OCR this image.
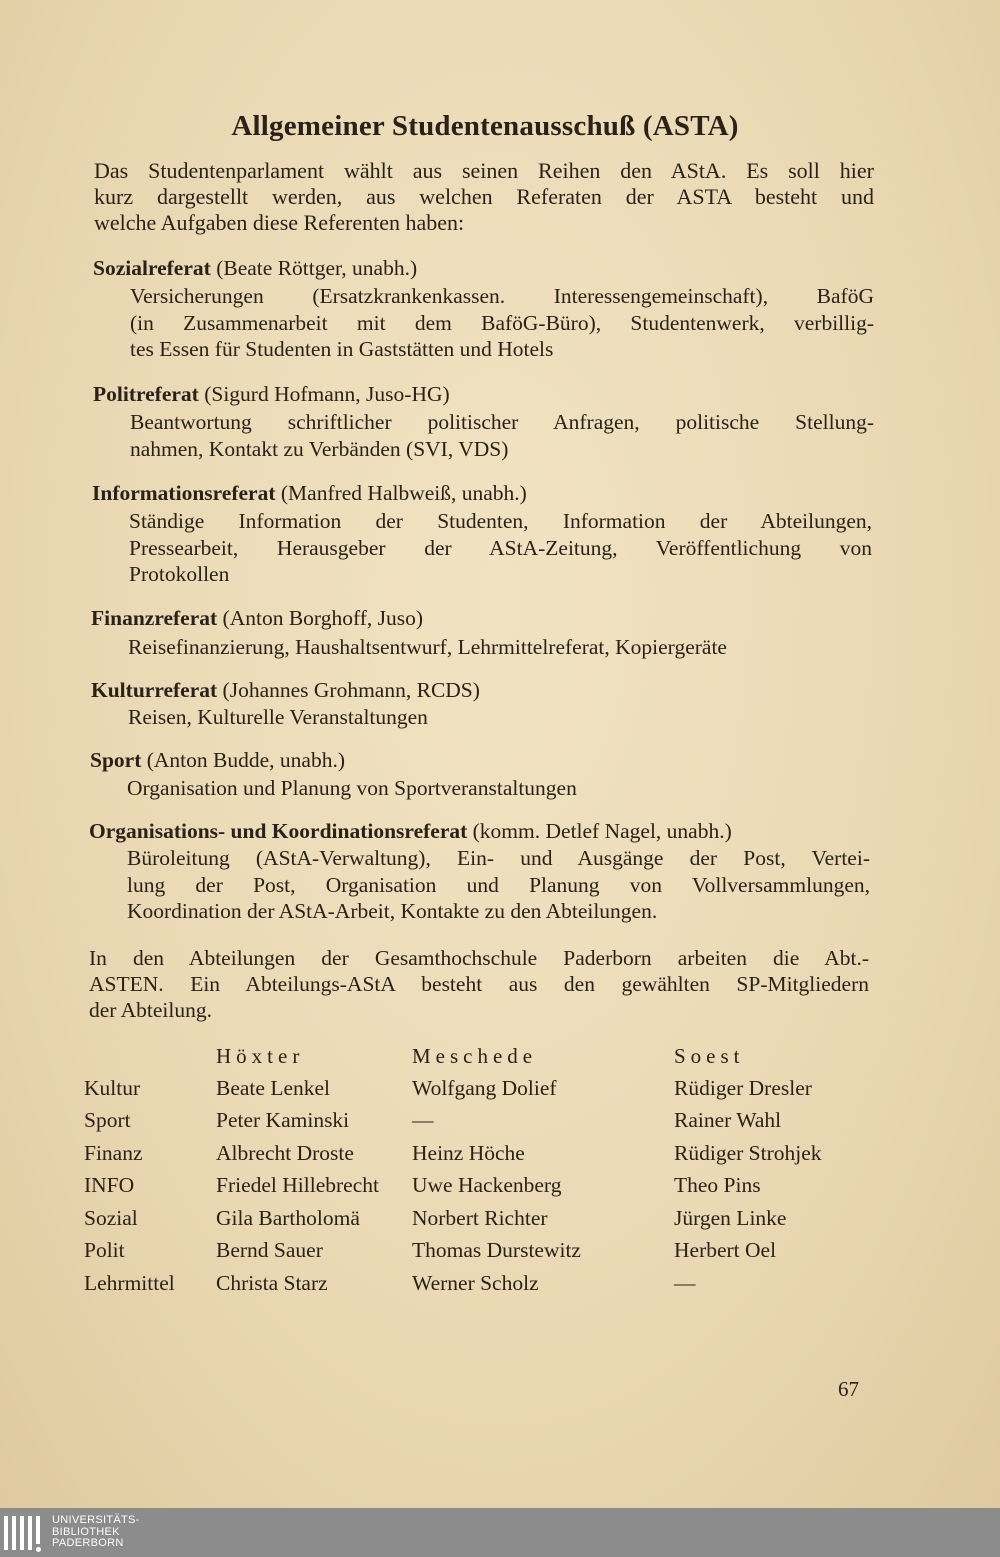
Allgemeiner Studentenausschuß (ASTA)
Das Studentenparlament wählt aus seinen Reihen den AStA. Es soll hier
kurz dargestellt werden, aus welchen Referaten der ASTA besteht und
welche Aufgaben diese Referenten haben:
Sozialreferat (Beate Röttger, unabh.)
Versicherungen (Ersatzkrankenkassen. Interessengemeinschaft), BaföG
(in Zusammenarbeit mit dem BaföG-Büro), Studentenwerk, verbillig-
tes Essen für Studenten in Gaststätten und Hotels
Politreferat (Sigurd Hofmann, Juso-HG)
Beantwortung schriftlicher politischer Anfragen, politische Stellung-
nahmen, Kontakt zu Verbänden (SVI, VDS)
Informationsreferat (Manfred Halbweiß, unabh.)
Ständige Information der Studenten, Information der Abteilungen,
Pressearbeit, Herausgeber der AStA-Zeitung, Veröffentlichung von
Protokollen
Finanzreferat (Anton Borghoff, Juso)
Reisefinanzierung, Haushaltsentwurf, Lehrmittelreferat, Kopiergeräte
Kulturreferat (Johannes Grohmann, RCDS)
Reisen, Kulturelle Veranstaltungen
Sport (Anton Budde, unabh.)
Organisation und Planung von Sportveranstaltungen
Organisations- und Koordinationsreferat (komm. Detlef Nagel, unabh.)
Büroleitung (AStA-Verwaltung), Ein- und Ausgänge der Post, Vertei-
lung der Post, Organisation und Planung von Vollversammlungen,
Koordination der AStA-Arbeit, Kontakte zu den Abteilungen.
In den Abteilungen der Gesamthochschule Paderborn arbeiten die Abt.-
ASTEN. Ein Abteilungs-AStA besteht aus den gewählten SP-Mitgliedern
der Abteilung.
	Höxter	Meschede	Soest
Kultur	Beate Lenkel	Wolfgang Dolief	Rüdiger Dresler
Sport	Peter Kaminski	—	Rainer Wahl
Finanz	Albrecht Droste	Heinz Höche	Rüdiger Strohjek
INFO	Friedel Hillebrecht	Uwe Hackenberg	Theo Pins
Sozial	Gila Bartholomä	Norbert Richter	Jürgen Linke
Polit	Bernd Sauer	Thomas Durstewitz	Herbert Oel
Lehrmittel	Christa Starz	Werner Scholz	—
67
UNIVERSITÄTS-
BIBLIOTHEK
PADERBORN
